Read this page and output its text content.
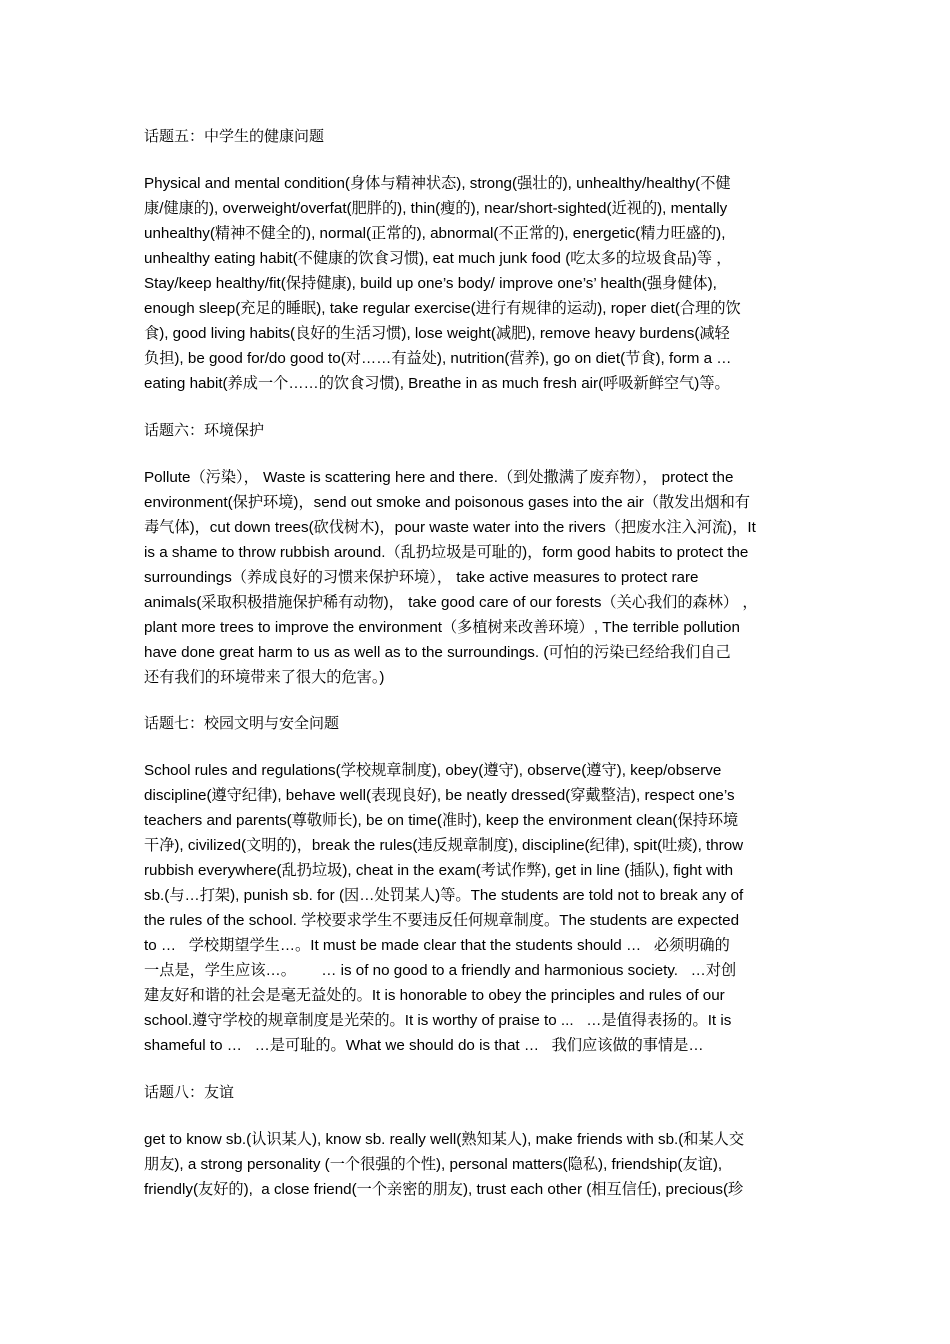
话题五：中学生的健康问题
Physical and mental condition(身体与精神状态), strong(强壮的), unhealthy/healthy(不健
康/健康的), overweight/overfat(肥胖的), thin(瘦的), near/short-sighted(近视的), mentally
unhealthy(精神不健全的), normal(正常的), abnormal(不正常的), energetic(精力旺盛的),
unhealthy eating habit(不健康的饮食习惯), eat much junk food (吃太多的垃圾食品)等 ，
Stay/keep healthy/fit(保持健康), build up one’s body/ improve one’s’ health(强身健体),
enough sleep(充足的睡眠), take regular exercise(进行有规律的运动), roper diet(合理的饮
食), good living habits(良好的生活习惯), lose weight(减肥), remove heavy burdens(减轻
负担), be good for/do good to(对……有益处), nutrition(营养), go on diet(节食), form a …
eating habit(养成一个……的饮食习惯), Breathe in as much fresh air(呼吸新鲜空气)等。
话题六：环境保护
Pollute（污染）， Waste is scattering here and there.（到处撒满了废弃物）， protect the
environment(保护环境)，send out smoke and poisonous gases into the air（散发出烟和有
毒气体)，cut down trees(砍伐树木)，pour waste water into the rivers（把废水注入河流)，It
is a shame to throw rubbish around.（乱扔垃圾是可耻的)，form good habits to protect the
surroundings（养成良好的习惯来保护环境）， take active measures to protect rare
animals(采取积极措施保护稀有动物)， take good care of our forests（关心我们的森林） ，
plant more trees to improve the environment（多植树来改善环境）, The terrible pollution
have done great harm to us as well as to the surroundings. (可怕的污染已经给我们自己
还有我们的环境带来了很大的危害。)
话题七：校园文明与安全问题
School rules and regulations(学校规章制度), obey(遵守), observe(遵守), keep/observe
discipline(遵守纪律), behave well(表现良好), be neatly dressed(穿戴整洁), respect one’s
teachers and parents(尊敬师长), be on time(准时), keep the environment clean(保持环境
干净), civilized(文明的)，break the rules(违反规章制度), discipline(纪律), spit(吐痰), throw
rubbish everywhere(乱扔垃圾), cheat in the exam(考试作弊), get in line (插队), fight with
sb.(与…打架), punish sb. for (因…处罚某人)等。The students are told not to break any of
the rules of the school. 学校要求学生不要违反任何规章制度。The students are expected
to …   学校期望学生…。It must be made clear that the students should …   必须明确的
一点是，学生应该…。      … is of no good to a friendly and harmonious society.   …对创
建友好和谐的社会是毫无益处的。It is honorable to obey the principles and rules of our
school.遵守学校的规章制度是光荣的。It is worthy of praise to ...   …是值得表扬的。It is
shameful to …   …是可耻的。What we should do is that …   我们应该做的事情是…
话题八：友谊
get to know sb.(认识某人), know sb. really well(熟知某人), make friends with sb.(和某人交
朋友), a strong personality (一个很强的个性), personal matters(隐私), friendship(友谊),
friendly(友好的),  a close friend(一个亲密的朋友), trust each other (相互信任), precious(珍
